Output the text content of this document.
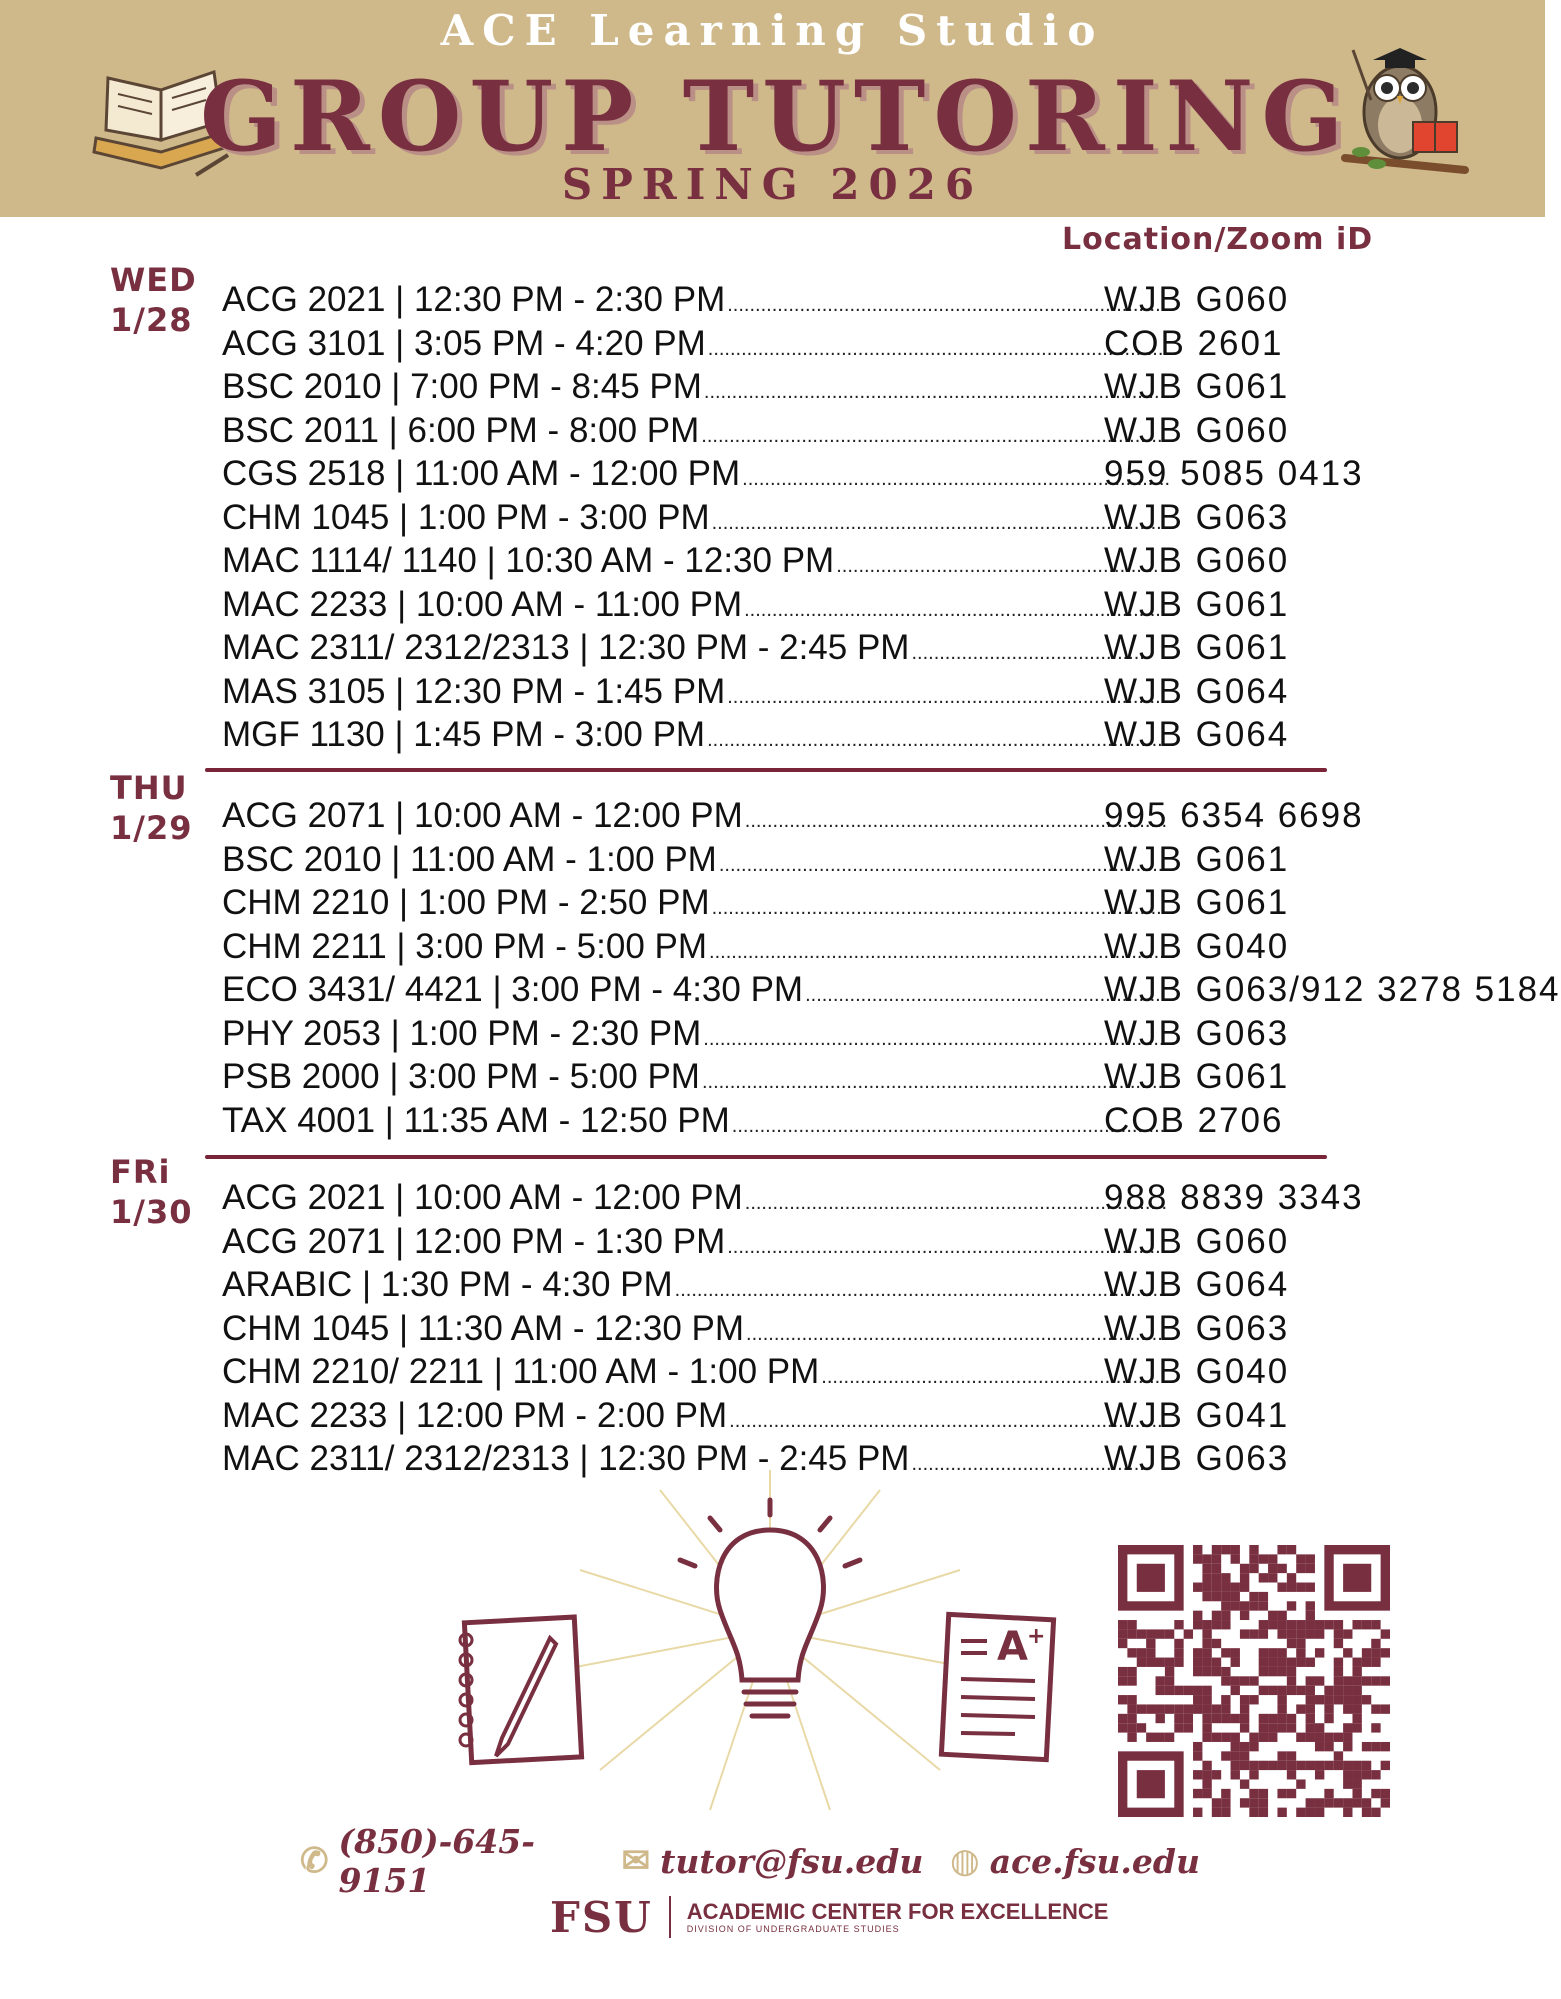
ACE Learning Studio
GROUP TUTORING
SPRING 2026
Location/Zoom iD
WED
1/28
ACG 2021 | 12:30 PM - 2:30 PM ................................................................................
WJB G060
ACG 3101 | 3:05 PM - 4:20 PM ....................................................................................
COB 2601
BSC 2010 | 7:00 PM - 8:45 PM .....................................................................................
WJB G061
BSC 2011 | 6:00 PM - 8:00 PM .....................................................................................
WJB G060
CGS 2518 | 11:00 AM - 12:00 PM .............................................................................
959 5085 0413
CHM 1045 | 1:00 PM - 3:00 PM ...................................................................................
WJB G063
MAC 1114/ 1140 | 10:30 AM - 12:30 PM ..........................................................
WJB G060
MAC 2233 | 10:00 AM - 11:00 PM .............................................................................
WJB G061
MAC 2311/ 2312/2313 | 12:30 PM - 2:45 PM ...........................................
WJB G061
MAS 3105 | 12:30 PM - 1:45 PM ................................................................................
WJB G064
MGF 1130 | 1:45 PM - 3:00 PM ....................................................................................
WJB G064
THU
1/29 ACG 2071 | 10:00 AM - 12:00 PM ............................................................................
995 6354 6698
BSC 2010 | 11:00 AM - 1:00 PM ..................................................................................
WJB G061
CHM 2210 | 1:00 PM - 2:50 PM ...................................................................................
WJB G061
CHM 2211 | 3:00 PM - 5:00 PM ....................................................................................
WJB G040
ECO 3431/ 4421 | 3:00 PM - 4:30 PM ................................................................
WJB G063/912 3278 5184
PHY 2053 | 1:00 PM - 2:30 PM .....................................................................................
WJB G063
PSB 2000 | 3:00 PM - 5:00 PM .....................................................................................
WJB G061
TAX 4001 | 11:35 AM - 12:50 PM ...............................................................................
COB 2706
FRi
1/30 ACG 2021 | 10:00 AM - 12:00 PM ............................................................................
988 8839 3343
ACG 2071 | 12:00 PM - 1:30 PM ................................................................................
WJB G060
ARABIC | 1:30 PM - 4:30 PM ..........................................................................................
WJB G064
CHM 1045 | 11:30 AM - 12:30 PM ............................................................................
WJB G063
CHM 2210/ 2211 | 11:00 AM - 1:00 PM .............................................................
WJB G040
MAC 2233 | 12:00 PM - 2:00 PM ................................................................................
WJB G041
MAC 2311/ 2312/2313 | 12:30 PM - 2:45 PM ...........................................
WJB G063
A +
✆ (850)-645-9151	✉ tutor@fsu.edu ◍ ace.fsu.edu
FSU ACADEMIC CENTER FOR EXCELLENCE
DIVISION OF UNDERGRADUATE STUDIES
